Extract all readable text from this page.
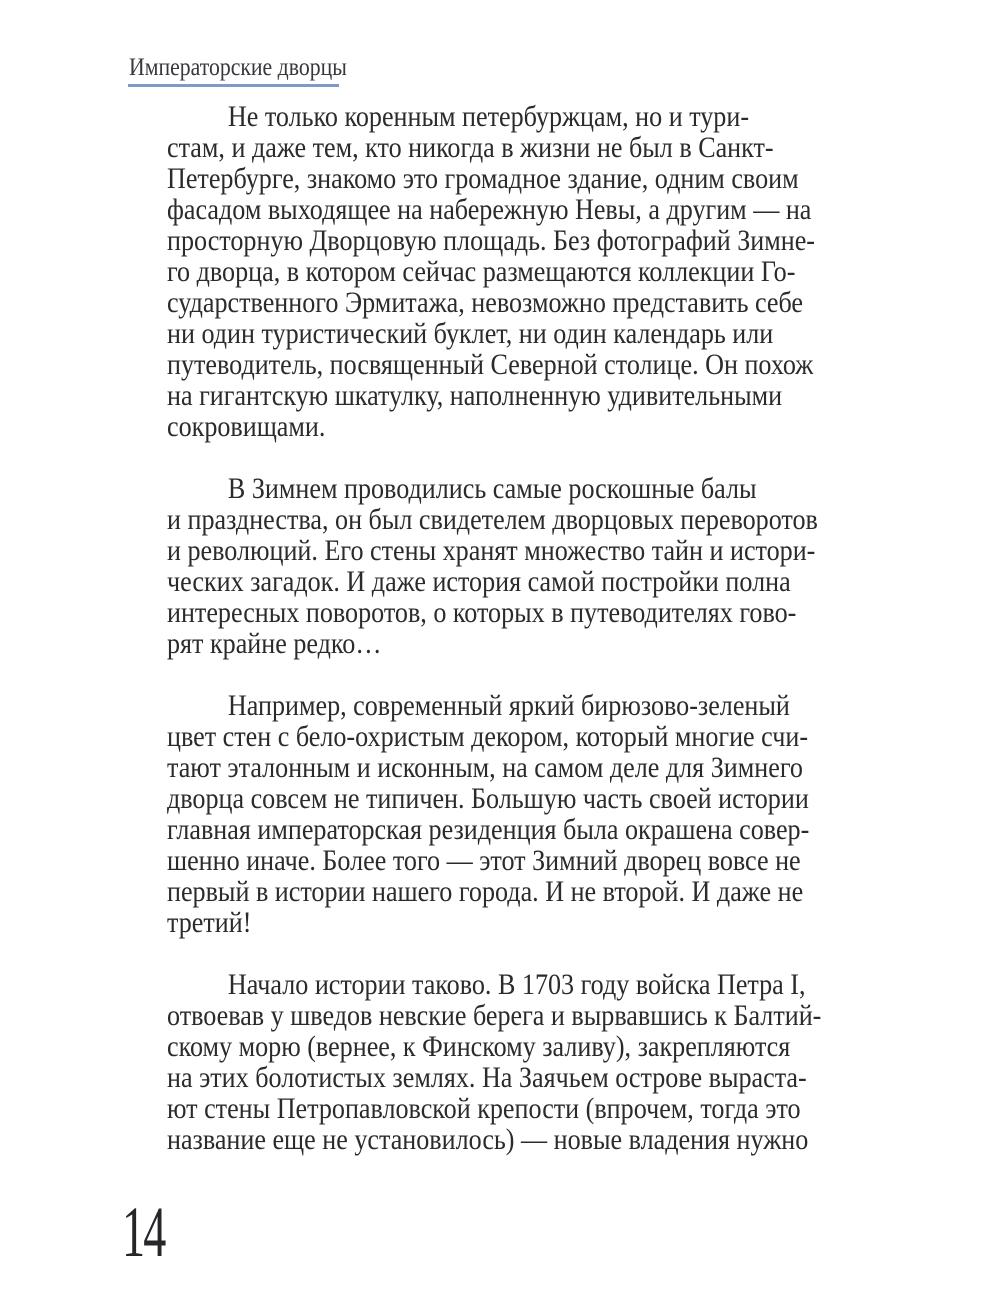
Императорские дворцы
Не только коренным петербуржцам, но и тури-
стам, и даже тем, кто никогда в жизни не был в Санкт-
Петербурге, знакомо это громадное здание, одним своим
фасадом выходящее на набережную Невы, а другим — на
просторную Дворцовую площадь. Без фотографий Зимне-
го дворца, в котором сейчас размещаются коллекции Го-
сударственного Эрмитажа, невозможно представить себе
ни один туристический буклет, ни один календарь или
путеводитель, посвященный Северной столице. Он похож
на гигантскую шкатулку, наполненную удивительными
сокровищами.
В Зимнем проводились самые роскошные балы
и празднества, он был свидетелем дворцовых переворотов
и революций. Его стены хранят множество тайн и истори-
ческих загадок. И даже история самой постройки полна
интересных поворотов, о которых в путеводителях гово-
рят крайне редко…
Например, современный яркий бирюзово-зеленый
цвет стен с бело-охристым декором, который многие счи-
тают эталонным и исконным, на самом деле для Зимнего
дворца совсем не типичен. Большую часть своей истории
главная императорская резиденция была окрашена совер-
шенно иначе. Более того — этот Зимний дворец вовсе не
первый в истории нашего города. И не второй. И даже не
третий!
Начало истории таково. В 1703 году войска Петра I,
отвоевав у шведов невские берега и вырвавшись к Балтий-
скому морю (вернее, к Финскому заливу), закрепляются
на этих болотистых землях. На Заячьем острове выраста-
ют стены Петропавловской крепости (впрочем, тогда это
название еще не установилось) — новые владения нужно
14
